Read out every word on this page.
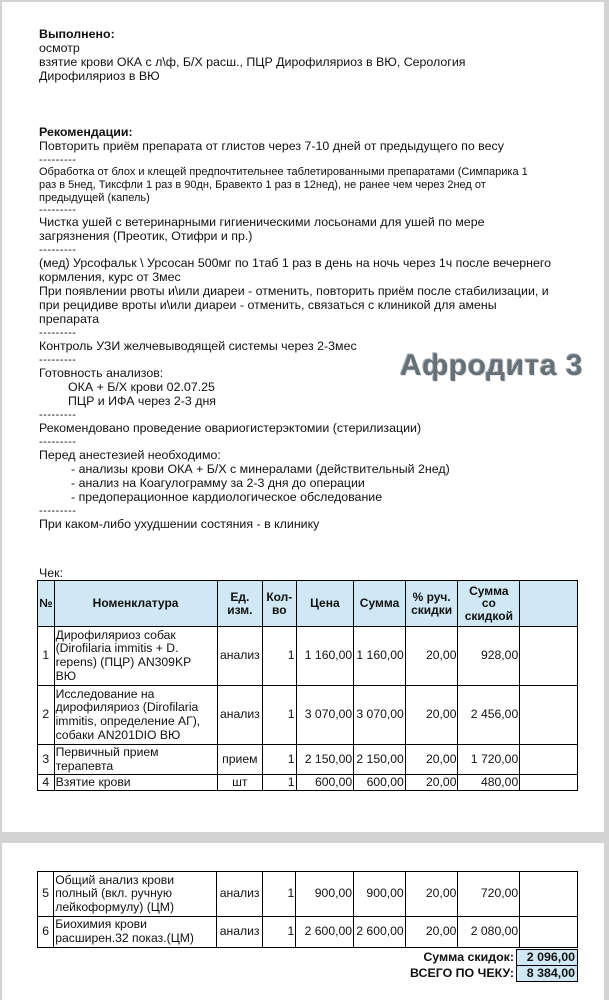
Выполнено:
осмотр
взятие крови ОКА с л\ф, Б/Х расш., ПЦР Дирофиляриоз в ВЮ, Серология
Дирофиляриоз в ВЮ
Рекомендации:
Повторить приём препарата от глистов через 7-10 дней от предыдущего по весу
---------
Обработка от блох и клещей предпочтительнее таблетированными препаратами (Симпарика 1
раз в 5нед, Тиксфли 1 раз в 90дн, Бравекто 1 раз в 12нед), не ранее чем через 2нед от
предыдущей (капель)
---------
Чистка ушей с ветеринарными гигиеническими лосьонами для ушей по мере
загрязнения (Преотик, Отифри и пр.)
---------
(мед) Урсофальк \ Урсосан 500мг по 1таб 1 раз в день на ночь через 1ч после вечернего
кормления, курс от 3мес
При появлении рвоты и\или диареи - отменить, повторить приём после стабилизации, и
при рецидиве вроты и\или диареи - отменить, связаться с клиникой для амены
препарата
---------
Контроль УЗИ желчевыводящей системы через 2-3мес
---------
Готовность анализов:
ОКА + Б/Х крови 02.07.25
ПЦР и ИФА через 2-3 дня
---------
Рекомендовано проведение овариогистерэктомии (стерилизации)
---------
Перед анестезией необходимо:
- анализы крови ОКА + Б/Х с минералами (действительный 2нед)
- анализ на Коагулограмму за 2-3 дня до операции
- предоперационное кардиологическое обследование
---------
При каком-либо ухудшении состяния - в клинику
Афродита 3
Чек:
№	Номенклатура	Ед.
изм.	Кол-
во	Цена	Сумма	% руч.
скидки	Сумма
со
скидкой	
1	Дирофиляриоз собак
(Dirofilaria immitis + D.
repens) (ПЦР) AN309KP
ВЮ	анализ	1	1 160,00	1 160,00	20,00	928,00	
2	Исследование на
дирофиляриоз (Dirofilaria
immitis, определение АГ),
собаки AN201DIO ВЮ	анализ	1	3 070,00	3 070,00	20,00	2 456,00	
3	Первичный прием
терапевта	прием	1	2 150,00	2 150,00	20,00	1 720,00	
4	Взятие крови	шт	1	600,00	600,00	20,00	480,00	
5	Общий анализ крови
полный (вкл. ручную
лейкоформулу) (ЦМ)	анализ	1	900,00	900,00	20,00	720,00	
6	Биохимия крови
расширен.32 показ.(ЦМ)	анализ	1	2 600,00	2 600,00	20,00	2 080,00	
Сумма скидок:	2 096,00
ВСЕГО ПО ЧЕКУ:	8 384,00
